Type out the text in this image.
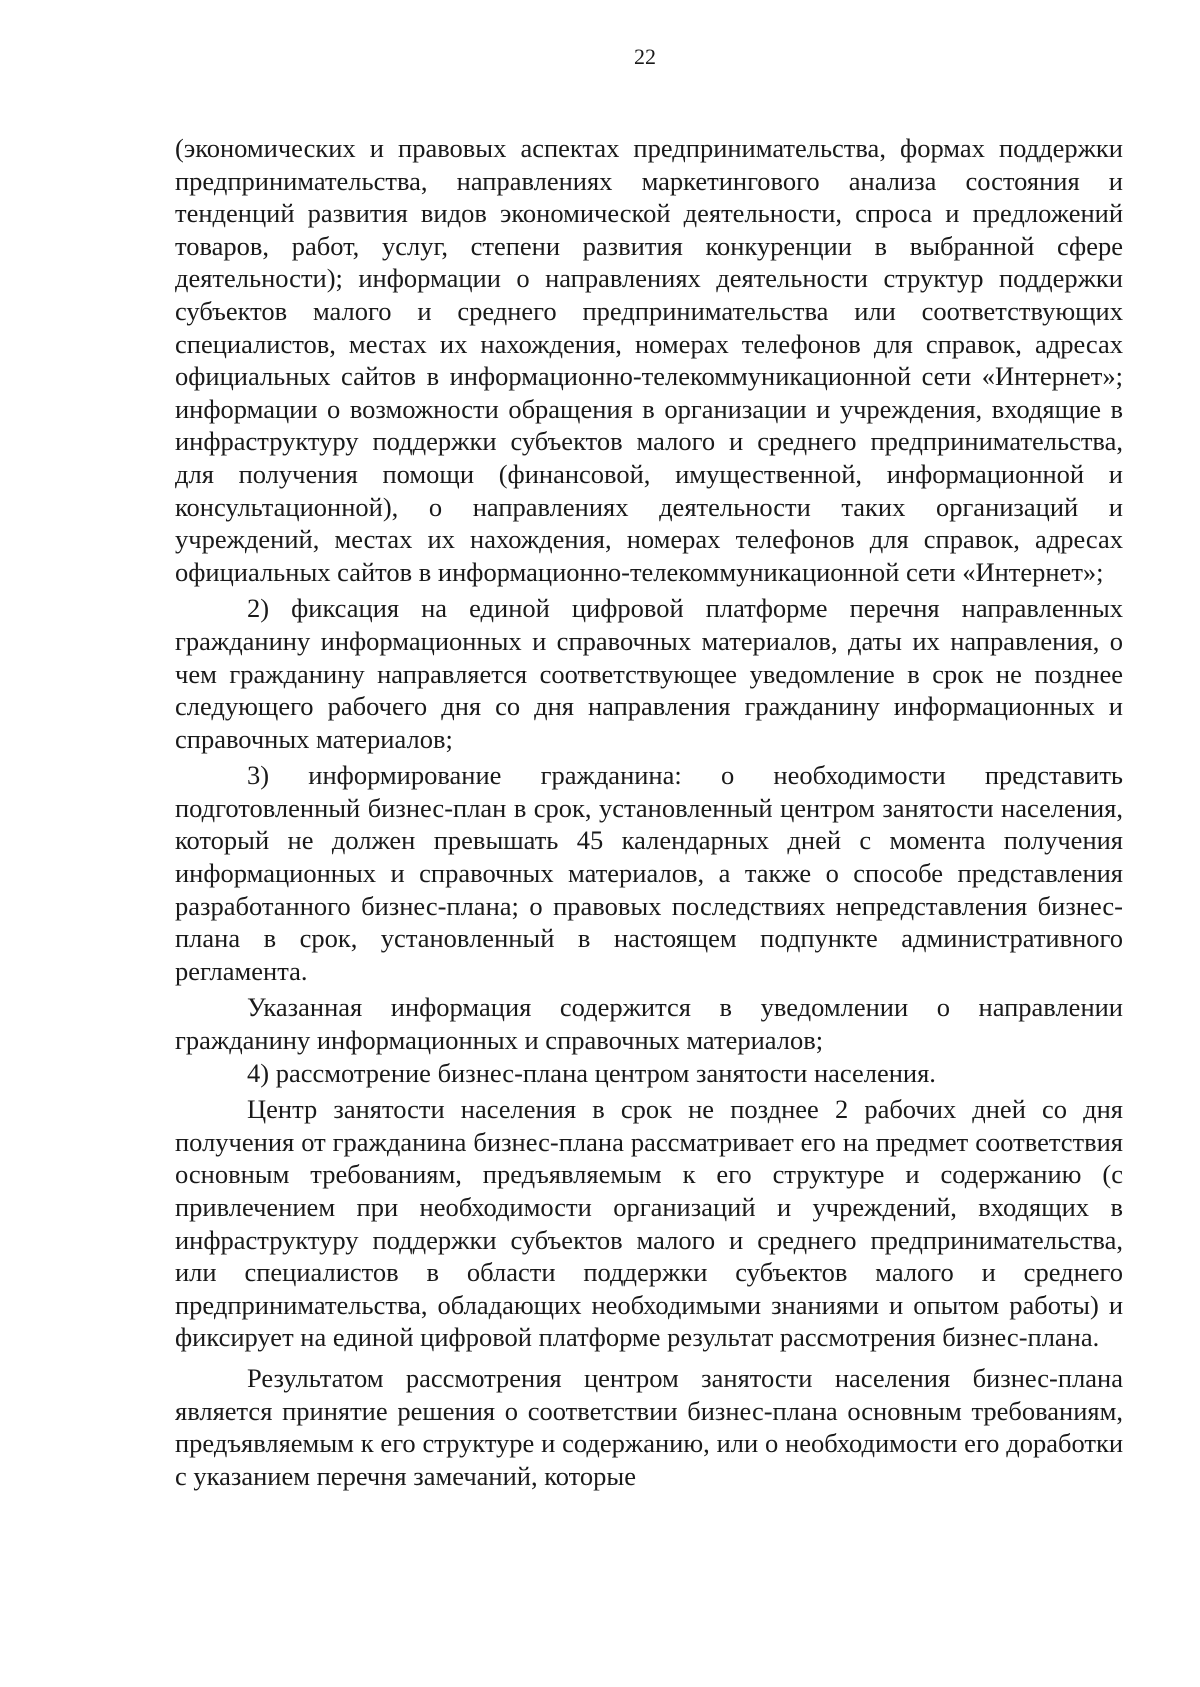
22

(экономических и правовых аспектах предпринимательства, формах поддержки предпринимательства, направлениях маркетингового анализа состояния и тенденций развития видов экономической деятельности, спроса и предложений товаров, работ, услуг, степени развития конкуренции в выбранной сфере деятельности); информации о направлениях деятельности структур поддержки субъектов малого и среднего предпринимательства или соответствующих специалистов, местах их нахождения, номерах телефонов для справок, адресах официальных сайтов в информационно-телекоммуникационной сети «Интернет»; информации о возможности обращения в организации и учреждения, входящие в инфраструктуру поддержки субъектов малого и среднего предпринимательства, для получения помощи (финансовой, имущественной, информационной и консультационной), о направлениях деятельности таких организаций и учреждений, местах их нахождения, номерах телефонов для справок, адресах официальных сайтов в информационно-телекоммуникационной сети «Интернет»;

2) фиксация на единой цифровой платформе перечня направленных гражданину информационных и справочных материалов, даты их направления, о чем гражданину направляется соответствующее уведомление в срок не позднее следующего рабочего дня со дня направления гражданину информационных и справочных материалов;

3) информирование гражданина: о необходимости представить подготовленный бизнес-план в срок, установленный центром занятости населения, который не должен превышать 45 календарных дней с момента получения информационных и справочных материалов, а также о способе представления разработанного бизнес-плана; о правовых последствиях непредставления бизнес-плана в срок, установленный в настоящем подпункте административного регламента.

Указанная информация содержится в уведомлении о направлении гражданину информационных и справочных материалов;

4) рассмотрение бизнес-плана центром занятости населения.

Центр занятости населения в срок не позднее 2 рабочих дней со дня получения от гражданина бизнес-плана рассматривает его на предмет соответствия основным требованиям, предъявляемым к его структуре и содержанию (с привлечением при необходимости организаций и учреждений, входящих в инфраструктуру поддержки субъектов малого и среднего предпринимательства, или специалистов в области поддержки субъектов малого и среднего предпринимательства, обладающих необходимыми знаниями и опытом работы) и фиксирует на единой цифровой платформе результат рассмотрения бизнес-плана.

Результатом рассмотрения центром занятости населения бизнес-плана является принятие решения о соответствии бизнес-плана основным требованиям, предъявляемым к его структуре и содержанию, или о необходимости его доработки с указанием перечня замечаний, которые
